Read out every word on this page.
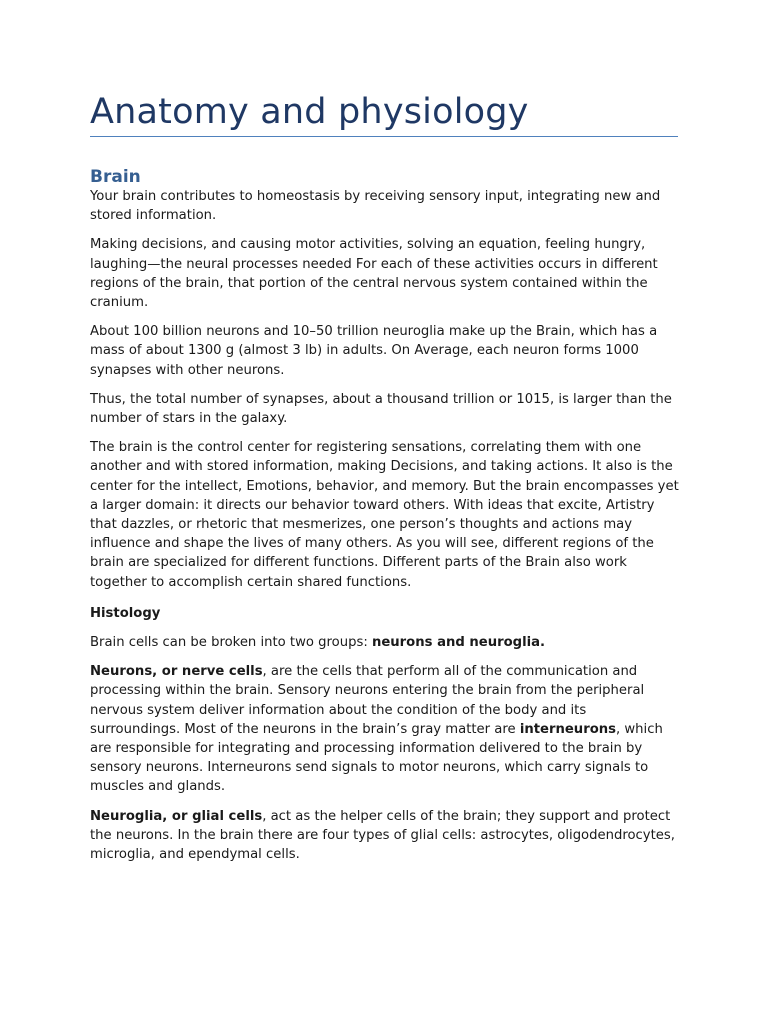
Anatomy and physiology
Brain

Your brain contributes to homeostasis by receiving sensory input, integrating new and stored information.

Making decisions, and causing motor activities, solving an equation, feeling hungry, laughing—the neural processes needed For each of these activities occurs in different regions of the brain, that portion of the central nervous system contained within the cranium.

About 100 billion neurons and 10–50 trillion neuroglia make up the Brain, which has a mass of about 1300 g (almost 3 lb) in adults. On Average, each neuron forms 1000 synapses with other neurons.

Thus, the total number of synapses, about a thousand trillion or 1015, is larger than the number of stars in the galaxy.

The brain is the control center for registering sensations, correlating them with one another and with stored information, making Decisions, and taking actions. It also is the center for the intellect, Emotions, behavior, and memory. But the brain encompasses yet a larger domain: it directs our behavior toward others. With ideas that excite, Artistry that dazzles, or rhetoric that mesmerizes, one person’s thoughts and actions may influence and shape the lives of many others. As you will see, different regions of the brain are specialized for different functions. Different parts of the Brain also work together to accomplish certain shared functions.

Histology

Brain cells can be broken into two groups: neurons and neuroglia.

Neurons, or nerve cells, are the cells that perform all of the communication and processing within the brain. Sensory neurons entering the brain from the peripheral nervous system deliver information about the condition of the body and its surroundings. Most of the neurons in the brain’s gray matter are interneurons, which are responsible for integrating and processing information delivered to the brain by sensory neurons. Interneurons send signals to motor neurons, which carry signals to muscles and glands.

Neuroglia, or glial cells, act as the helper cells of the brain; they support and protect the neurons. In the brain there are four types of glial cells: astrocytes, oligodendrocytes, microglia, and ependymal cells.
